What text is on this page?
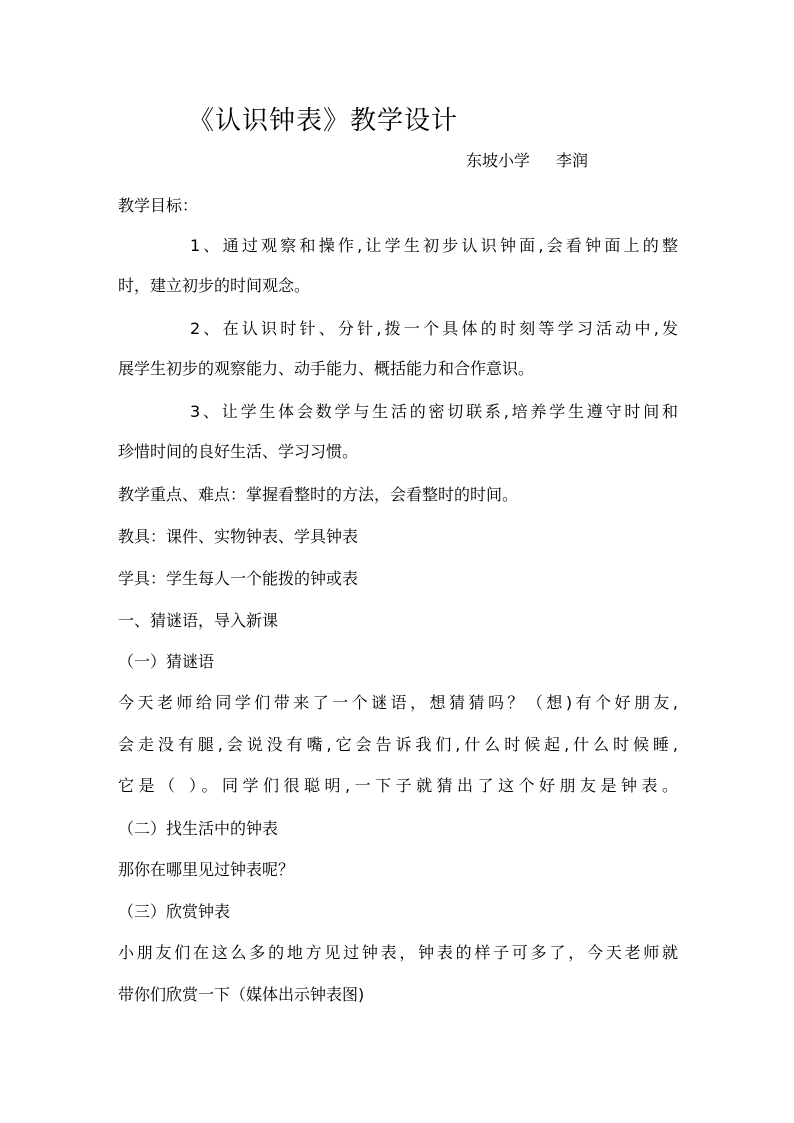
《认识钟表》教学设计
东坡小学 李润
教学目标：
1、通过观察和操作,让学生初步认识钟面,会看钟面上的整
时，建立初步的时间观念。
2、在认识时针、分针,拨一个具体的时刻等学习活动中,发
展学生初步的观察能力、动手能力、概括能力和合作意识。
3、让学生体会数学与生活的密切联系,培养学生遵守时间和
珍惜时间的良好生活、学习习惯。
教学重点、难点：掌握看整时的方法，会看整时的时间。
教具：课件、实物钟表、学具钟表
学具：学生每人一个能拨的钟或表
一、猜谜语，导入新课
（一）猜谜语
今天老师给同学们带来了一个谜语，想猜猜吗？（想)有个好朋友,
会走没有腿,会说没有嘴,它会告诉我们,什么时候起,什么时候睡,
它是（ ）。同学们很聪明,一下子就猜出了这个好朋友是钟表。
（二）找生活中的钟表
那你在哪里见过钟表呢？
（三）欣赏钟表
小朋友们在这么多的地方见过钟表，钟表的样子可多了，今天老师就
带你们欣赏一下（媒体出示钟表图)
